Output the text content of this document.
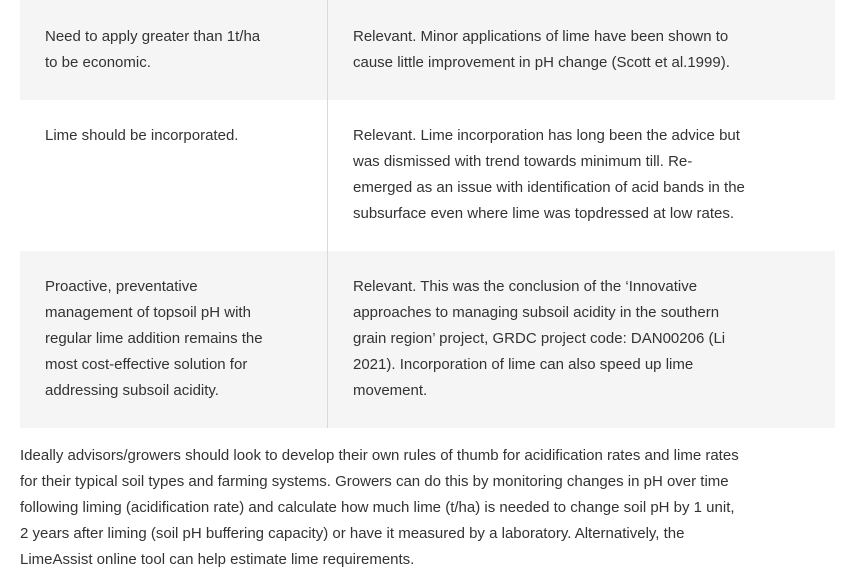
Need to apply greater than 1t/ha
to be economic.
Relevant. Minor applications of lime have been shown to
cause little improvement in pH change (Scott et al.1999).
Lime should be incorporated.	Relevant. Lime incorporation has long been the advice but
was dismissed with trend towards minimum till. Re-
emerged as an issue with identification of acid bands in the
subsurface even where lime was topdressed at low rates.
Proactive, preventative
management of topsoil pH with
regular lime addition remains the
most cost-effective solution for
addressing subsoil acidity.
Relevant. This was the conclusion of the ‘Innovative
approaches to managing subsoil acidity in the southern
grain region’ project, GRDC project code: DAN00206 (Li
2021). Incorporation of lime can also speed up lime
movement.

Ideally advisors/growers should look to develop their own rules of thumb for acidification rates and lime rates
for their typical soil types and farming systems. Growers can do this by monitoring changes in pH over time
following liming (acidification rate) and calculate how much lime (t/ha) is needed to change soil pH by 1 unit,
2 years after liming (soil pH buffering capacity) or have it measured by a laboratory. Alternatively, the
LimeAssist online tool can help estimate lime requirements.
